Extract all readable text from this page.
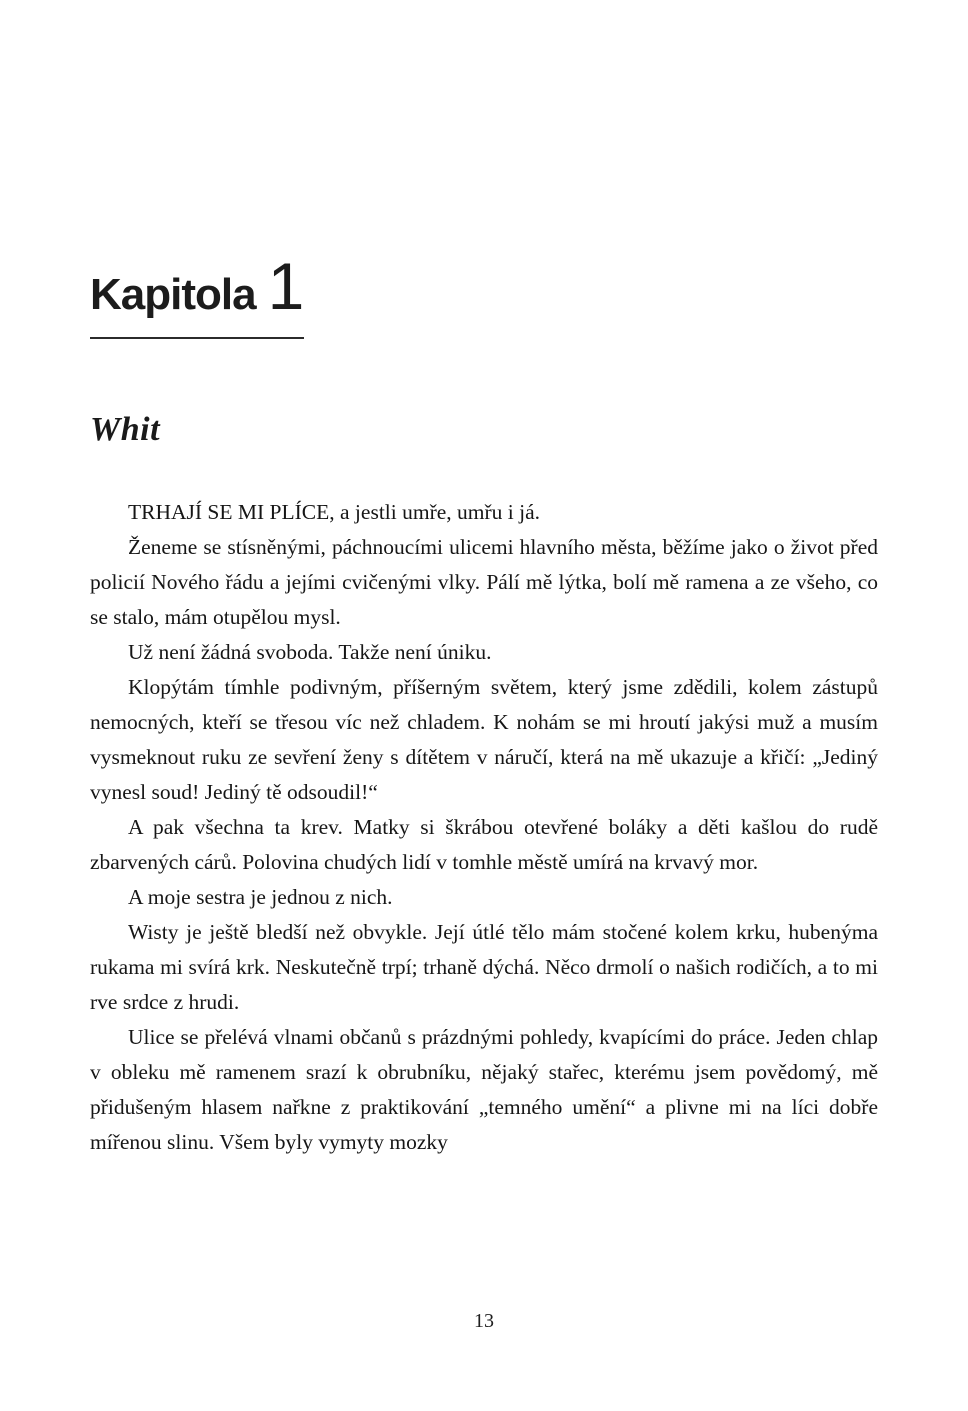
Kapitola 1
Whit

TRHAJÍ SE MI PLÍCE, a jestli umře, umřu i já.

Ženeme se stísněnými, páchnoucími ulicemi hlavního města, běžíme jako o život před policií Nového řádu a jejími cvičenými vlky. Pálí mě lýtka, bolí mě ramena a ze všeho, co se stalo, mám otupělou mysl.

Už není žádná svoboda. Takže není úniku.

Klopýtám tímhle podivným, příšerným světem, který jsme zdědili, kolem zástupů nemocných, kteří se třesou víc než chladem. K nohám se mi hroutí jakýsi muž a musím vysmeknout ruku ze sevření ženy s dítětem v náručí, která na mě ukazuje a křičí: „Jediný vynesl soud! Jediný tě odsoudil!“

A pak všechna ta krev. Matky si škrábou otevřené boláky a děti kašlou do rudě zbarvených cárů. Polovina chudých lidí v tomhle městě umírá na krvavý mor.

A moje sestra je jednou z nich.

Wisty je ještě bledší než obvykle. Její útlé tělo mám stočené kolem krku, hubenýma rukama mi svírá krk. Neskutečně trpí; trhaně dýchá. Něco drmolí o našich rodičích, a to mi rve srdce z hrudi.

Ulice se přelévá vlnami občanů s prázdnými pohledy, kvapícími do práce. Jeden chlap v obleku mě ramenem srazí k obrubníku, nějaký stařec, kterému jsem povědomý, mě přidušeným hlasem nařkne z praktikování „temného umění“ a plivne mi na líci dobře mířenou slinu. Všem byly vymyty mozky

13
